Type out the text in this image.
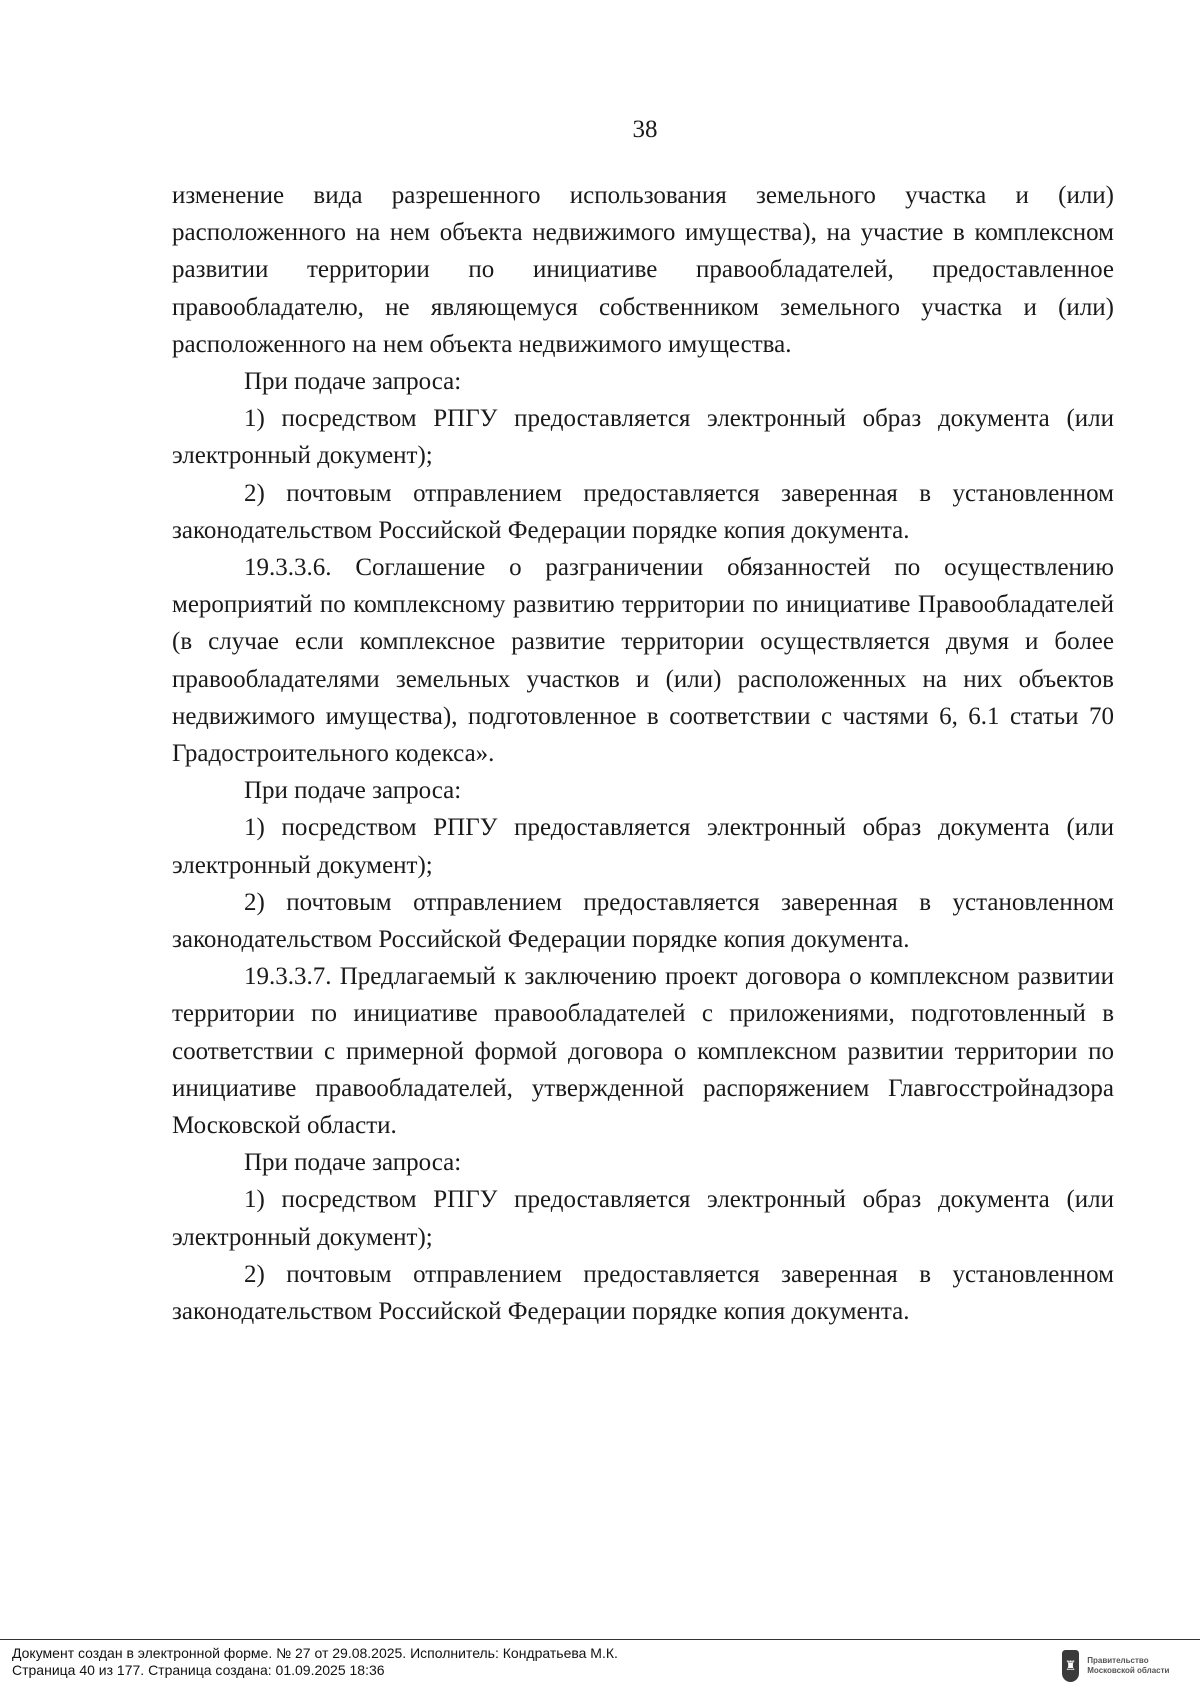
38

изменение вида разрешенного использования земельного участка и (или) расположенного на нем объекта недвижимого имущества), на участие в комплексном развитии территории по инициативе правообладателей, предоставленное правообладателю, не являющемуся собственником земельного участка и (или) расположенного на нем объекта недвижимого имущества.

При подаче запроса:

1) посредством РПГУ предоставляется электронный образ документа (или электронный документ);

2) почтовым отправлением предоставляется заверенная в установленном законодательством Российской Федерации порядке копия документа.

19.3.3.6. Соглашение о разграничении обязанностей по осуществлению мероприятий по комплексному развитию территории по инициативе Правообладателей (в случае если комплексное развитие территории осуществляется двумя и более правообладателями земельных участков и (или) расположенных на них объектов недвижимого имущества), подготовленное в соответствии с частями 6, 6.1 статьи 70 Градостроительного кодекса».

При подаче запроса:

1) посредством РПГУ предоставляется электронный образ документа (или электронный документ);

2) почтовым отправлением предоставляется заверенная в установленном законодательством Российской Федерации порядке копия документа.

19.3.3.7. Предлагаемый к заключению проект договора о комплексном развитии территории по инициативе правообладателей с приложениями, подготовленный в соответствии с примерной формой договора о комплексном развитии территории по инициативе правообладателей, утвержденной распоряжением Главгосстройнадзора Московской области.

При подаче запроса:

1) посредством РПГУ предоставляется электронный образ документа (или электронный документ);

2) почтовым отправлением предоставляется заверенная в установленном законодательством Российской Федерации порядке копия документа.

Документ создан в электронной форме. № 27 от 29.08.2025. Исполнитель: Кондратьева М.К.
Страница 40 из 177. Страница создана: 01.09.2025 18:36	♜	Правительство Московской области
